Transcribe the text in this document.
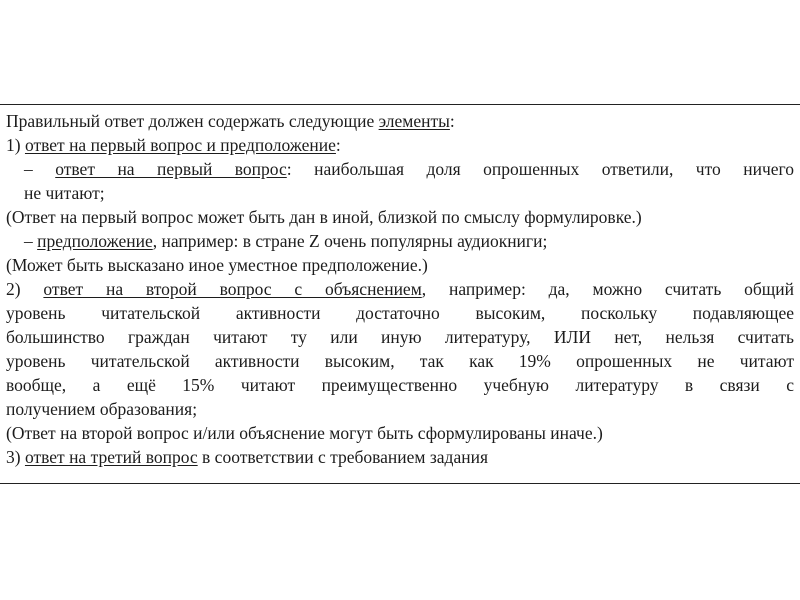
Правильный ответ должен содержать следующие элементы:
1) ответ на первый вопрос и предположение:
– ответ на первый вопрос: наибольшая доля опрошенных ответили, что ничего
не читают;
(Ответ на первый вопрос может быть дан в иной, близкой по смыслу формулировке.)
– предположение, например: в стране Z очень популярны аудиокниги;
(Может быть высказано иное уместное предположение.)
2) ответ на второй вопрос с объяснением, например: да, можно считать общий
уровень читательской активности достаточно высоким, поскольку подавляющее
большинство граждан читают ту или иную литературу, ИЛИ нет, нельзя считать
уровень читательской активности высоким, так как 19% опрошенных не читают
вообще, а ещё 15% читают преимущественно учебную литературу в связи с
получением образования;
(Ответ на второй вопрос и/или объяснение могут быть сформулированы иначе.)
3) ответ на третий вопрос в соответствии с требованием задания
